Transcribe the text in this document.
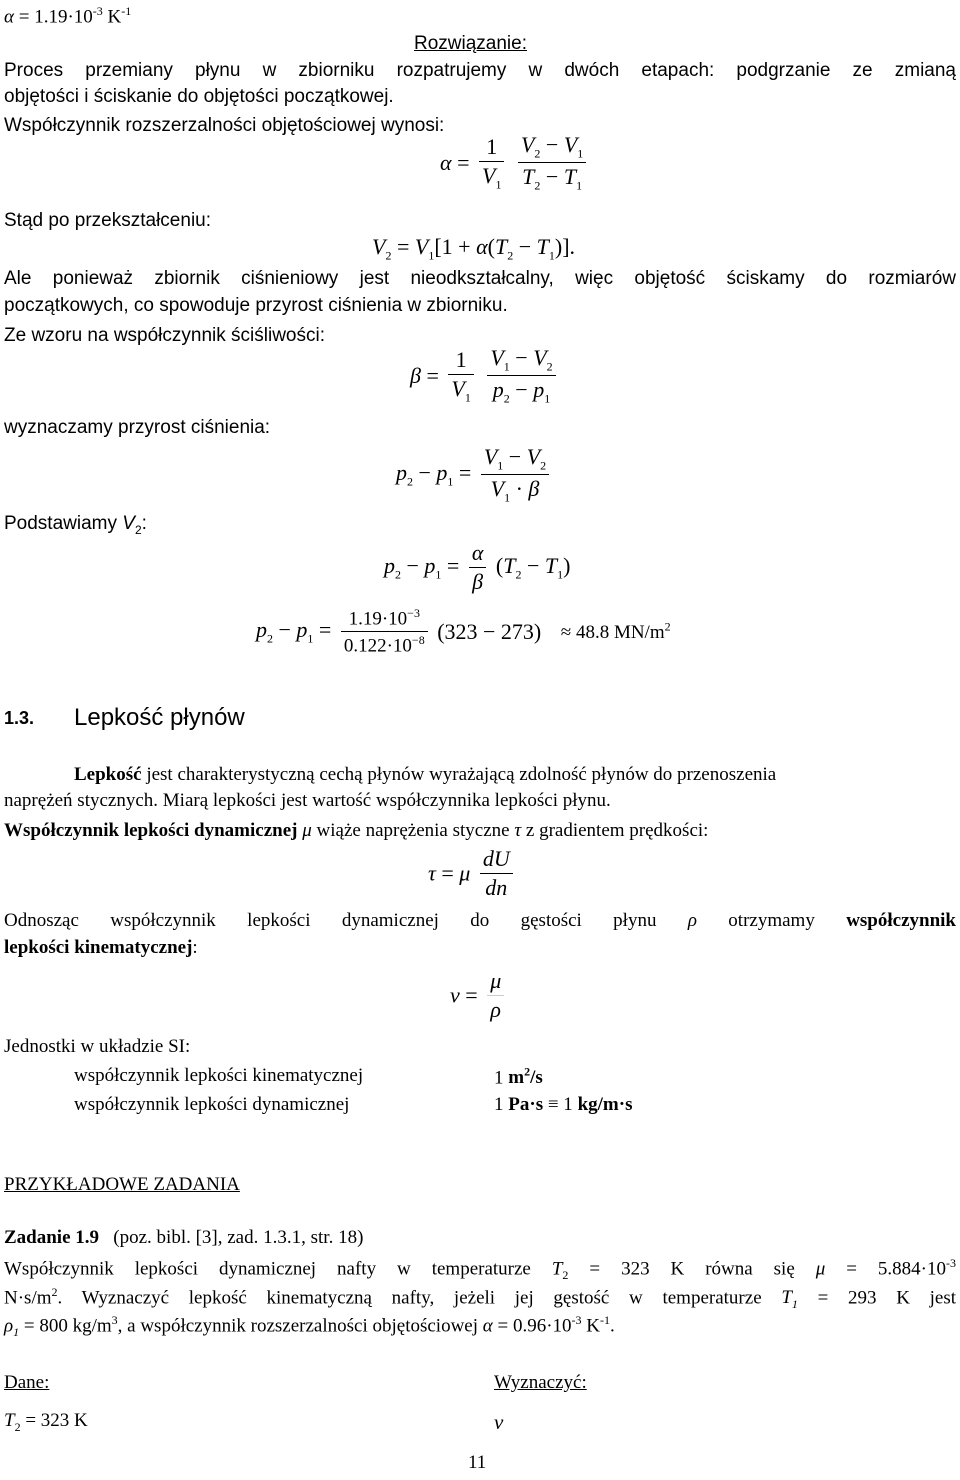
$\alpha = 1.19\cdot 10^{-3}$ $K^{-1}$
Rozwiązanie:
Proces przemiany płynu w zbiorniku rozpatrujemy w dwóch etapach: podgrzanie ze zmianą
objętości i ściskanie do objętości początkowej.
Współczynnik rozszerzalności objętościowej wynosi:
$\alpha = \frac{1}{V_1}$
$\frac{V_2 - V_1}{T_2 - T_1}$
Stąd po przekształceniu:
$V_2 = V_1[1 + \alpha(T_2 - T_1)]$.
Ale ponieważ zbiornik ciśnieniowy jest nieodkształcalny, więc objętość ściskamy do rozmiarów
początkowych, co spowoduje przyrost ciśnienia w zbiorniku.
Ze wzoru na współczynnik ściśliwości:
$\beta = \frac{1}{V_1}$
$\frac{V_1 - V_2}{p_2 - p_1}$
wyznaczamy przyrost ciśnienia:
$p_2 - p_1 = \frac{V_1 - V_2}{V_1 \cdot \beta}$
Podstawiamy $V_2$:
$p_2 - p_1 = \frac{\alpha}{\beta} (T_2 - T_1)$
$p_2 - p_1 = \frac{1.19\cdot 10^{-3}}{0.122\cdot 10^{-8}} (323 - 273) \approx 48.8$ $MN/m^2$
1.3. Lepkość płynów
Lepkość jest charakterystyczną cechą płynów wyrażającą zdolność płynów do przenoszenia
naprężeń stycznych. Miarą lepkości jest wartość współczynnika lepkości płynu.
Współczynnik lepkości dynamicznej μ wiąże naprężenia styczne τ z gradientem prędkości:
τ = μ $\frac{dU}{dn}$
Odnosząc współczynnik lepkości dynamicznej do gęstości płynu ρ otrzymamy współczynnik
lepkości kinematycznej:
$\nu = \frac{\mu}{\rho}$
Jednostki w układzie SI:
współczynnik lepkości kinematycznej	1 $m^2/s$
współczynnik lepkości dynamicznej	1 Pa·s ≡ 1 kg/m·s
PRZYKŁADOWE ZADANIA
Zadanie 1.9   (poz. bibl. [3], zad. 1.3.1, str. 18)
Współczynnik lepkości dynamicznej nafty w temperaturze $T_2 = 323$ K równa się $\mu = 5.884\cdot 10^{-3}$
$N\cdot s/m^2$. Wyznaczyć lepkość kinematyczną nafty, jeżeli jej gęstość w temperaturze $T_1 = 293$ K jest
$\rho_1 = 800$ $kg/m^3$, a współczynnik rozszerzalności objętościowej $\alpha = 0.96\cdot 10^{-3}$ $K^{-1}$.
Dane:	Wyznaczyć:
$T_2 = 323$ K	ν
11
